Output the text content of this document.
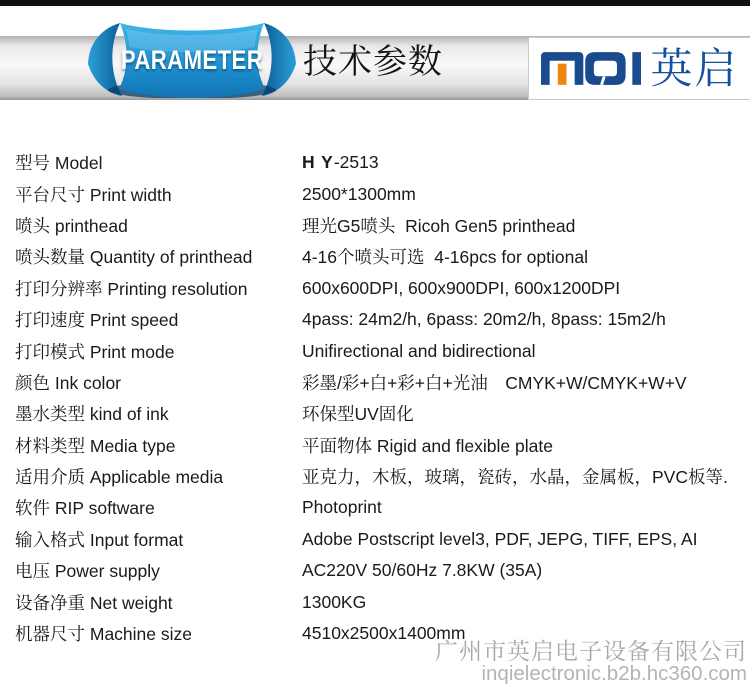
PARAMETER	技术参数	英启
型号 Model	H Y-2513
平台尺寸 Print width	2500*1300mm
喷头 printhead	理光G5喷头  Ricoh Gen5 printhead
喷头数量 Quantity of printhead	4-16个喷头可选  4-16pcs for optional
打印分辨率 Printing resolution	600x600DPI, 600x900DPI, 600x1200DPI
打印速度 Print speed	4pass: 24m2/h, 6pass: 20m2/h, 8pass: 15m2/h
打印模式 Print mode	Unifirectional and bidirectional
颜色 Ink color	彩墨/彩+白+彩+白+光油　CMYK+W/CMYK+W+V
墨水类型 kind of ink	环保型UV固化
材料类型 Media type	平面物体 Rigid and flexible plate
适用介质 Applicable media	亚克力，木板，玻璃，瓷砖，水晶，金属板，PVC板等.
软件 RIP software	Photoprint
输入格式 Input format	Adobe Postscript level3, PDF, JEPG, TIFF, EPS, AI
电压 Power supply	AC220V 50/60Hz 7.8KW (35A)
设备净重 Net weight	1300KG
机器尺寸 Machine size	4510x2500x1400mm
广州市英启电子设备有限公司
inqielectronic.b2b.hc360.com
